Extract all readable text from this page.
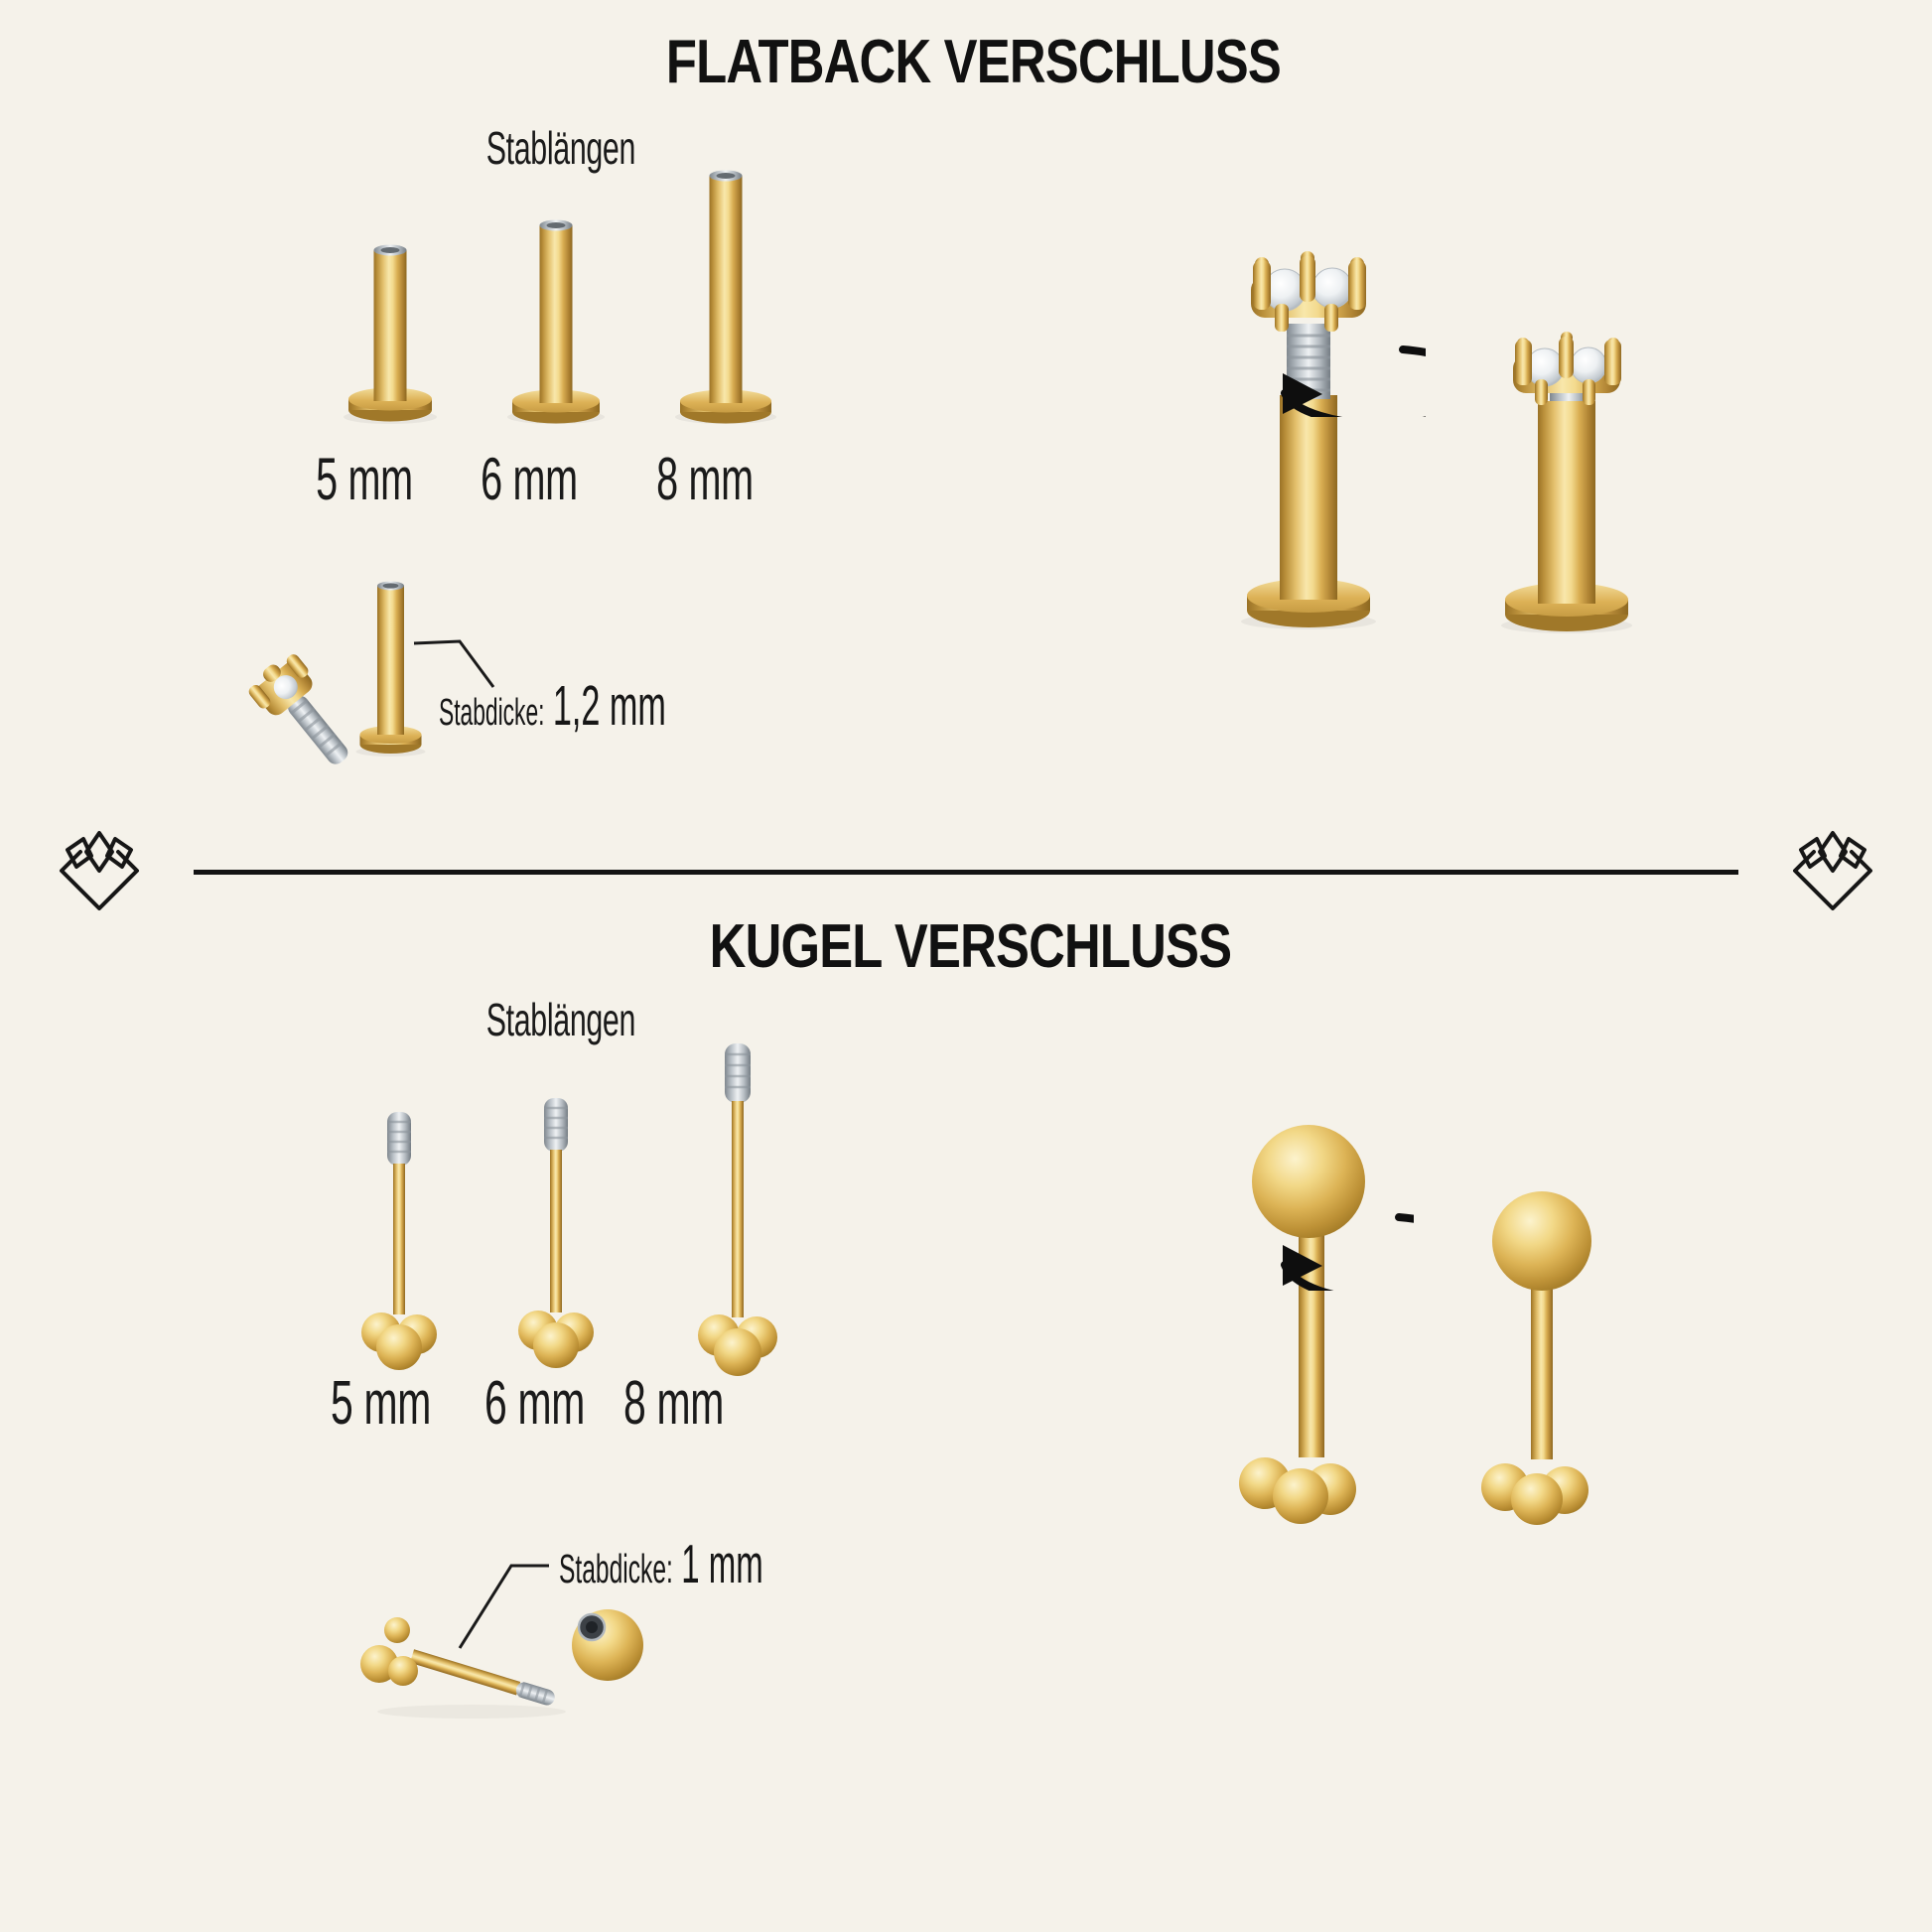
FLATBACK VERSCHLUSS
Stablängen
5 mm	6 mm	8 mm
Stabdicke: 1,2 mm
KUGEL VERSCHLUSS
Stablängen
5 mm 6 mm 8 mm
Stabdicke: 1 mm
